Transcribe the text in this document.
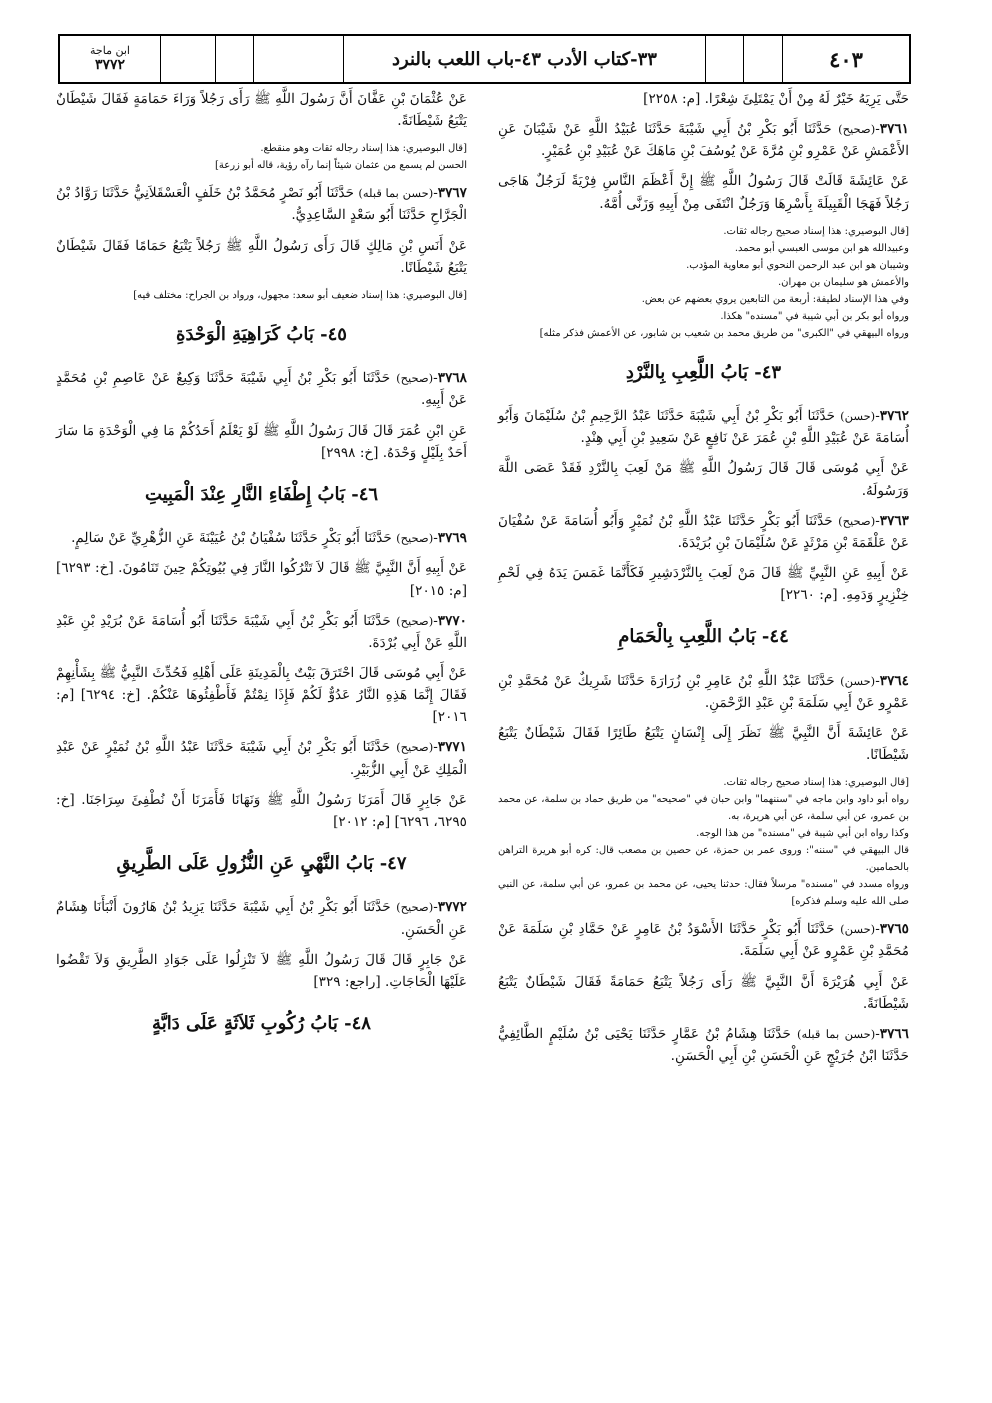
٤٠٣
٣٣-كتاب الأدب ٤٣-باب اللعب بالنرد
ابن ماجة
٣٧٧٢
حَتَّى يَرِيَهُ خَيْرٌ لَهُ مِنْ أَنْ يَمْتَلِئَ شِعْرًا. [م: ٢٢٥٨]
٣٧٦١-(صحيح) حَدَّثَنَا أَبُو بَكْرِ بْنُ أَبِي شَيْبَةَ حَدَّثَنَا عُبَيْدُ اللَّهِ عَنْ شَيْبَانَ عَنِ الأَعْمَشِ عَنْ عَمْرِو بْنِ مُرَّةَ عَنْ يُوسُفَ بْنِ مَاهَكَ عَنْ عُبَيْدِ بْنِ عُمَيْرٍ.
عَنْ عَائِشَةَ قَالَتْ قَالَ رَسُولُ اللَّهِ ﷺ إِنَّ أَعْظَمَ النَّاسِ فِرْيَةً لَرَجُلٌ هَاجَى رَجُلاً فَهَجَا الْقَبِيلَةَ بِأَسْرِهَا وَرَجُلٌ انْتَفَى مِنْ أَبِيهِ وَزَنَّى أُمَّهُ.

[قال البوصيري: هذا إسناد صحيح رجاله ثقات.

وعبيدالله هو ابن موسى العبسي أبو محمد.

وشيبان هو ابن عبد الرحمن النحوي أبو معاوية المؤدب.

والأعمش هو سليمان بن مهران.

وفي هذا الإسناد لطيفة: أربعة من التابعين يروي بعضهم عن بعض.

ورواه أبو بكر بن أبي شيبة في "مسنده" هكذا.

ورواه البيهقي في "الكبرى" من طريق محمد بن شعيب بن شابور، عن الأعمش فذكر مثله]

٤٣- بَابُ اللَّعِبِ بِالنَّرْدِ
٣٧٦٢-(حسن) حَدَّثَنَا أَبُو بَكْرِ بْنُ أَبِي شَيْبَةَ حَدَّثَنَا عَبْدُ الرَّحِيمِ بْنُ سُلَيْمَانَ وَأَبُو أُسَامَةَ عَنْ عُبَيْدِ اللَّهِ بْنِ عُمَرَ عَنْ نَافِعٍ عَنْ سَعِيدِ بْنِ أَبِي هِنْدٍ.
عَنْ أَبِي مُوسَى قَالَ قَالَ رَسُولُ اللَّهِ ﷺ مَنْ لَعِبَ بِالنَّرْدِ فَقَدْ عَصَى اللَّهَ وَرَسُولَهُ.
٣٧٦٣-(صحيح) حَدَّثَنَا أَبُو بَكْرٍ حَدَّثَنَا عَبْدُ اللَّهِ بْنُ نُمَيْرٍ وَأَبُو أُسَامَةَ عَنْ سُفْيَانَ عَنْ عَلْقَمَةَ بْنِ مَرْثَدٍ عَنْ سُلَيْمَانَ بْنِ بُرَيْدَةَ.
عَنْ أَبِيهِ عَنِ النَّبِيِّ ﷺ قَالَ مَنْ لَعِبَ بِالنَّرْدَشِيرِ فَكَأَنَّمَا غَمَسَ يَدَهُ فِي لَحْمِ خِنْزِيرٍ وَدَمِهِ. [م: ٢٢٦٠]
٤٤- بَابُ اللَّعِبِ بِالْحَمَامِ
٣٧٦٤-(حسن) حَدَّثَنَا عَبْدُ اللَّهِ بْنُ عَامِرِ بْنِ زُرَارَةَ حَدَّثَنَا شَرِيكٌ عَنْ مُحَمَّدِ بْنِ عَمْرٍو عَنْ أَبِي سَلَمَةَ بْنِ عَبْدِ الرَّحْمَنِ.
عَنْ عَائِشَةَ أَنَّ النَّبِيَّ ﷺ نَظَرَ إِلَى إِنْسَانٍ يَتْبَعُ طَائِرًا فَقَالَ شَيْطَانٌ يَتْبَعُ شَيْطَانًا.

[قال البوصيري: هذا إسناد صحيح رجاله ثقات.

رواه أبو داود وابن ماجه في "سننهما" وابن حبان في "صحيحه" من طريق حماد بن سلمة، عن محمد بن عمرو، عن أبي سلمة، عن أبي هريرة، به.

وكذا رواه ابن أبي شيبة في "مسنده" من هذا الوجه.

قال البيهقي في "سننه": وروى عمر بن حمزة، عن حصين بن مصعب قال: كره أبو هريرة التراهن بالحمامين.

ورواه مسدد في "مسنده" مرسلاً فقال: حدثنا يحيى، عن محمد بن عمرو، عن أبي سلمة، عن النبي صلى الله عليه وسلم فذكره]

٣٧٦٥-(حسن) حَدَّثَنَا أَبُو بَكْرٍ حَدَّثَنَا الأَسْوَدُ بْنُ عَامِرٍ عَنْ حَمَّادِ بْنِ سَلَمَةَ عَنْ مُحَمَّدِ بْنِ عَمْرٍو عَنْ أَبِي سَلَمَةَ.
عَنْ أَبِي هُرَيْرَةَ أَنَّ النَّبِيَّ ﷺ رَأَى رَجُلاً يَتْبَعُ حَمَامَةً فَقَالَ شَيْطَانٌ يَتْبَعُ شَيْطَانَةً.
٣٧٦٦-(حسن بما قبله) حَدَّثَنَا هِشَامُ بْنُ عَمَّارٍ حَدَّثَنَا يَحْيَى بْنُ سُلَيْمٍ الطَّائِفِيُّ حَدَّثَنَا ابْنُ جُرَيْجٍ عَنِ الْحَسَنِ بْنِ أَبِي الْحَسَنِ.
عَنْ عُثْمَانَ بْنِ عَفَّانَ أَنَّ رَسُولَ اللَّهِ ﷺ رَأَى رَجُلاً وَرَاءَ حَمَامَةٍ فَقَالَ شَيْطَانٌ يَتْبَعُ شَيْطَانَةً.

[قال البوصيري: هذا إسناد رجاله ثقات وهو منقطع.

الحسن لم يسمع من عثمان شيئاً إنما رآه رؤية، قاله أبو زرعة]

٣٧٦٧-(حسن بما قبله) حَدَّثَنَا أَبُو نَصْرٍ مُحَمَّدُ بْنُ خَلَفٍ الْعَسْقَلاَنِيُّ حَدَّثَنَا رَوَّادُ بْنُ الْجَرَّاحِ حَدَّثَنَا أَبُو سَعْدٍ السَّاعِدِيُّ.
عَنْ أَنَسِ بْنِ مَالِكٍ قَالَ رَأَى رَسُولُ اللَّهِ ﷺ رَجُلاً يَتْبَعُ حَمَامًا فَقَالَ شَيْطَانٌ يَتْبَعُ شَيْطَانًا.

[قال البوصيري: هذا إسناد ضعيف أبو سعد: مجهول، ورواد بن الجراح: مختلف فيه]

٤٥- بَابُ كَرَاهِيَةِ الْوَحْدَةِ
٣٧٦٨-(صحيح) حَدَّثَنَا أَبُو بَكْرِ بْنُ أَبِي شَيْبَةَ حَدَّثَنَا وَكِيعٌ عَنْ عَاصِمِ بْنِ مُحَمَّدٍ عَنْ أَبِيهِ.
عَنِ ابْنِ عُمَرَ قَالَ قَالَ رَسُولُ اللَّهِ ﷺ لَوْ يَعْلَمُ أَحَدُكُمْ مَا فِي الْوَحْدَةِ مَا سَارَ أَحَدٌ بِلَيْلٍ وَحْدَهُ. [خ: ٢٩٩٨]
٤٦- بَابُ إِطْفَاءِ النَّارِ عِنْدَ الْمَبِيتِ
٣٧٦٩-(صحيح) حَدَّثَنَا أَبُو بَكْرٍ حَدَّثَنَا سُفْيَانُ بْنُ عُيَيْنَةَ عَنِ الزُّهْرِيِّ عَنْ سَالِمٍ.
عَنْ أَبِيهِ أَنَّ النَّبِيَّ ﷺ قَالَ لاَ تَتْرُكُوا النَّارَ فِي بُيُوتِكُمْ حِينَ تَنَامُونَ. [خ: ٦٢٩٣] [م: ٢٠١٥]
٣٧٧٠-(صحيح) حَدَّثَنَا أَبُو بَكْرِ بْنُ أَبِي شَيْبَةَ حَدَّثَنَا أَبُو أُسَامَةَ عَنْ بُرَيْدِ بْنِ عَبْدِ اللَّهِ عَنْ أَبِي بُرْدَةَ.
عَنْ أَبِي مُوسَى قَالَ احْتَرَقَ بَيْتٌ بِالْمَدِينَةِ عَلَى أَهْلِهِ فَحُدِّثَ النَّبِيُّ ﷺ بِشَأْنِهِمْ فَقَالَ إِنَّمَا هَذِهِ النَّارُ عَدُوٌّ لَكُمْ فَإِذَا نِمْتُمْ فَأَطْفِئُوهَا عَنْكُمْ. [خ: ٦٢٩٤] [م: ٢٠١٦]
٣٧٧١-(صحيح) حَدَّثَنَا أَبُو بَكْرِ بْنُ أَبِي شَيْبَةَ حَدَّثَنَا عَبْدُ اللَّهِ بْنُ نُمَيْرٍ عَنْ عَبْدِ الْمَلِكِ عَنْ أَبِي الزُّبَيْرِ.
عَنْ جَابِرٍ قَالَ أَمَرَنَا رَسُولُ اللَّهِ ﷺ وَنَهَانَا فَأَمَرَنَا أَنْ نُطْفِئَ سِرَاجَنَا. [خ: ٦٢٩٥، ٦٢٩٦] [م: ٢٠١٢]
٤٧- بَابُ النَّهْيِ عَنِ النُّزُولِ عَلَى الطَّرِيقِ
٣٧٧٢-(صحيح) حَدَّثَنَا أَبُو بَكْرِ بْنُ أَبِي شَيْبَةَ حَدَّثَنَا يَزِيدُ بْنُ هَارُونَ أَنْبَأَنَا هِشَامٌ عَنِ الْحَسَنِ.
عَنْ جَابِرٍ قَالَ قَالَ رَسُولُ اللَّهِ ﷺ لاَ تَنْزِلُوا عَلَى جَوَادِ الطَّرِيقِ وَلاَ تَقْضُوا عَلَيْهَا الْحَاجَاتِ. [راجع: ٣٢٩]
٤٨- بَابُ رُكُوبِ ثَلاَثَةٍ عَلَى دَابَّةٍ
